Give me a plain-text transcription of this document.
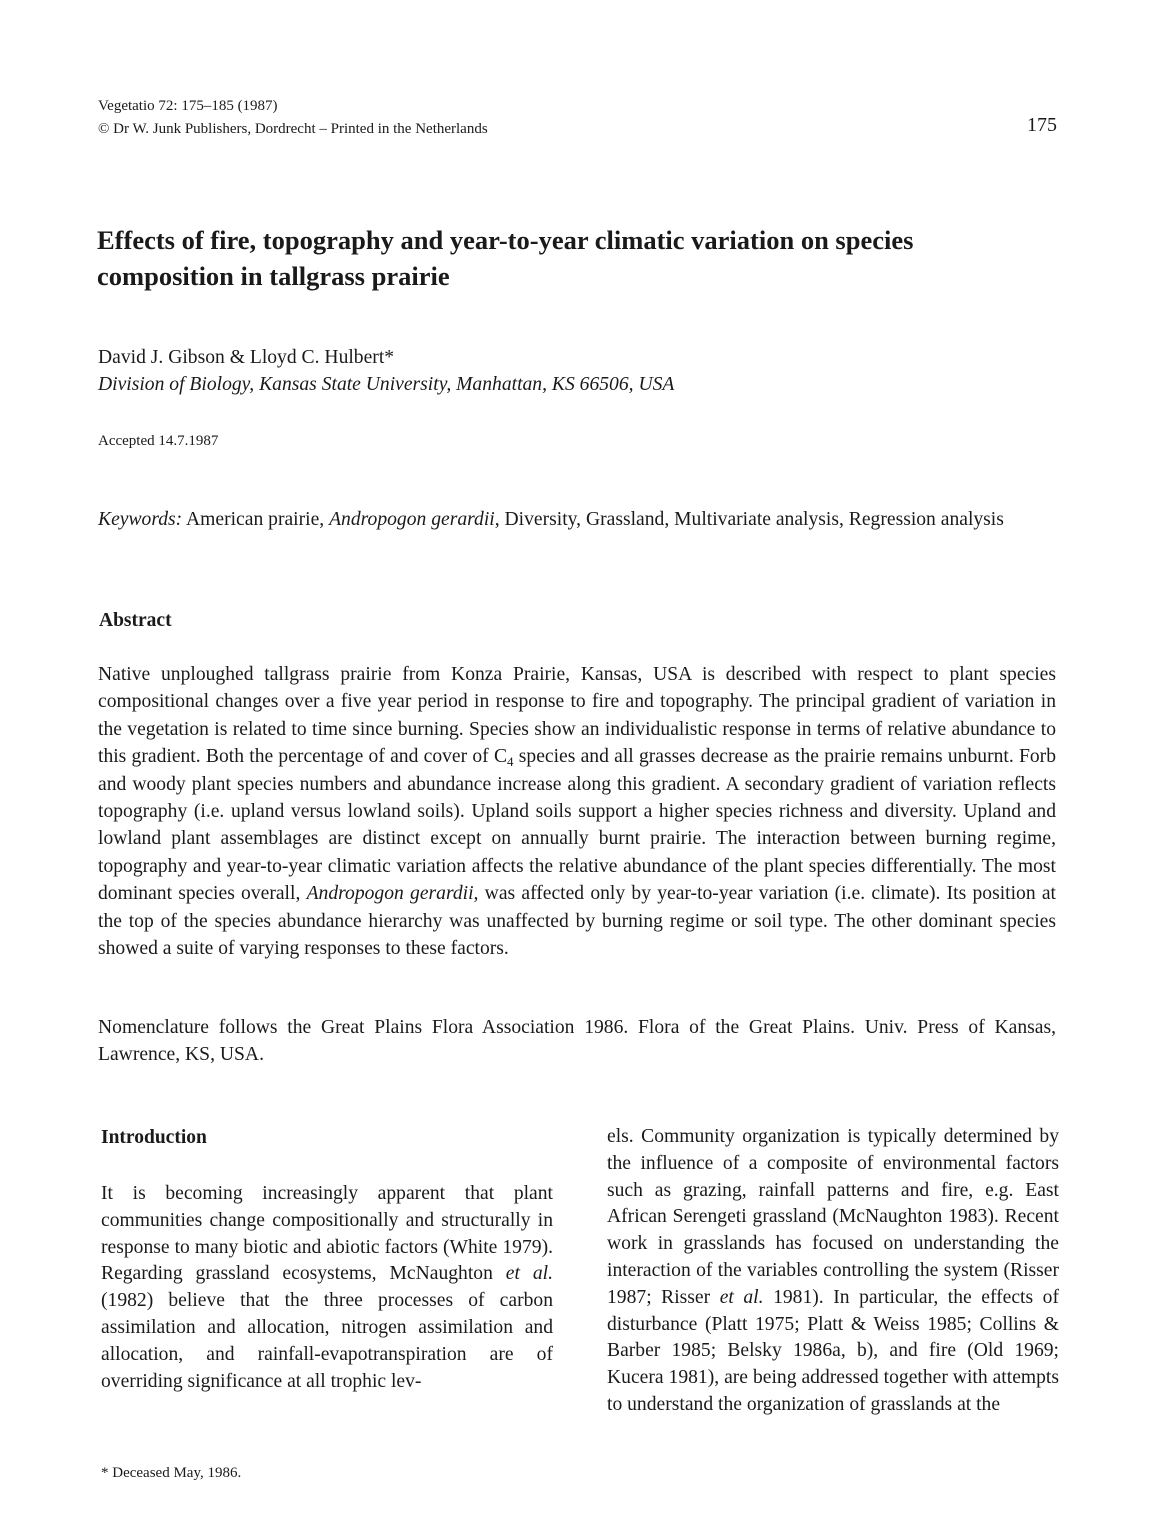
Vegetatio 72: 175–185 (1987)
© Dr W. Junk Publishers, Dordrecht – Printed in the Netherlands	175
Effects of fire, topography and year-to-year climatic variation on species
composition in tallgrass prairie
David J. Gibson & Lloyd C. Hulbert*
Division of Biology, Kansas State University, Manhattan, KS 66506, USA
Accepted 14.7.1987
Keywords: American prairie, Andropogon gerardii, Diversity, Grassland, Multivariate analysis, Regression analysis
Abstract
Native unploughed tallgrass prairie from Konza Prairie, Kansas, USA is described with respect to plant species compositional changes over a five year period in response to fire and topography. The principal gradient of variation in the vegetation is related to time since burning. Species show an individualistic response in terms of relative abundance to this gradient. Both the percentage of and cover of $C_4$ species and all grasses decrease as the prairie remains unburnt. Forb and woody plant species numbers and abundance increase along this gradient. A secondary gradient of variation reflects topography (i.e. upland versus lowland soils). Upland soils support a higher species richness and diversity. Upland and lowland plant assemblages are distinct except on annually burnt prairie. The interaction between burning regime, topography and year-to-year climatic variation affects the relative abundance of the plant species differentially. The most dominant species overall, Andropogon gerardii, was affected only by year-to-year variation (i.e. climate). Its position at the top of the species abundance hierarchy was unaffected by burning regime or soil type. The other dominant species showed a suite of varying responses to these factors.
Nomenclature follows the Great Plains Flora Association 1986. Flora of the Great Plains. Univ. Press of Kansas, Lawrence, KS, USA.
Introduction
It is becoming increasingly apparent that plant communities change compositionally and structurally in response to many biotic and abiotic factors (White 1979). Regarding grassland ecosystems, McNaughton et al. (1982) believe that the three processes of carbon assimilation and allocation, nitrogen assimilation and allocation, and rainfall-evapotranspiration are of overriding significance at all trophic lev-
* Deceased May, 1986.
els. Community organization is typically determined by the influence of a composite of environmental factors such as grazing, rainfall patterns and fire, e.g. East African Serengeti grassland (McNaughton 1983). Recent work in grasslands has focused on understanding the interaction of the variables controlling the system (Risser 1987; Risser et al. 1981). In particular, the effects of disturbance (Platt 1975; Platt & Weiss 1985; Collins & Barber 1985; Belsky 1986a, b), and fire (Old 1969; Kucera 1981), are being addressed together with attempts to understand the organization of grasslands at the
